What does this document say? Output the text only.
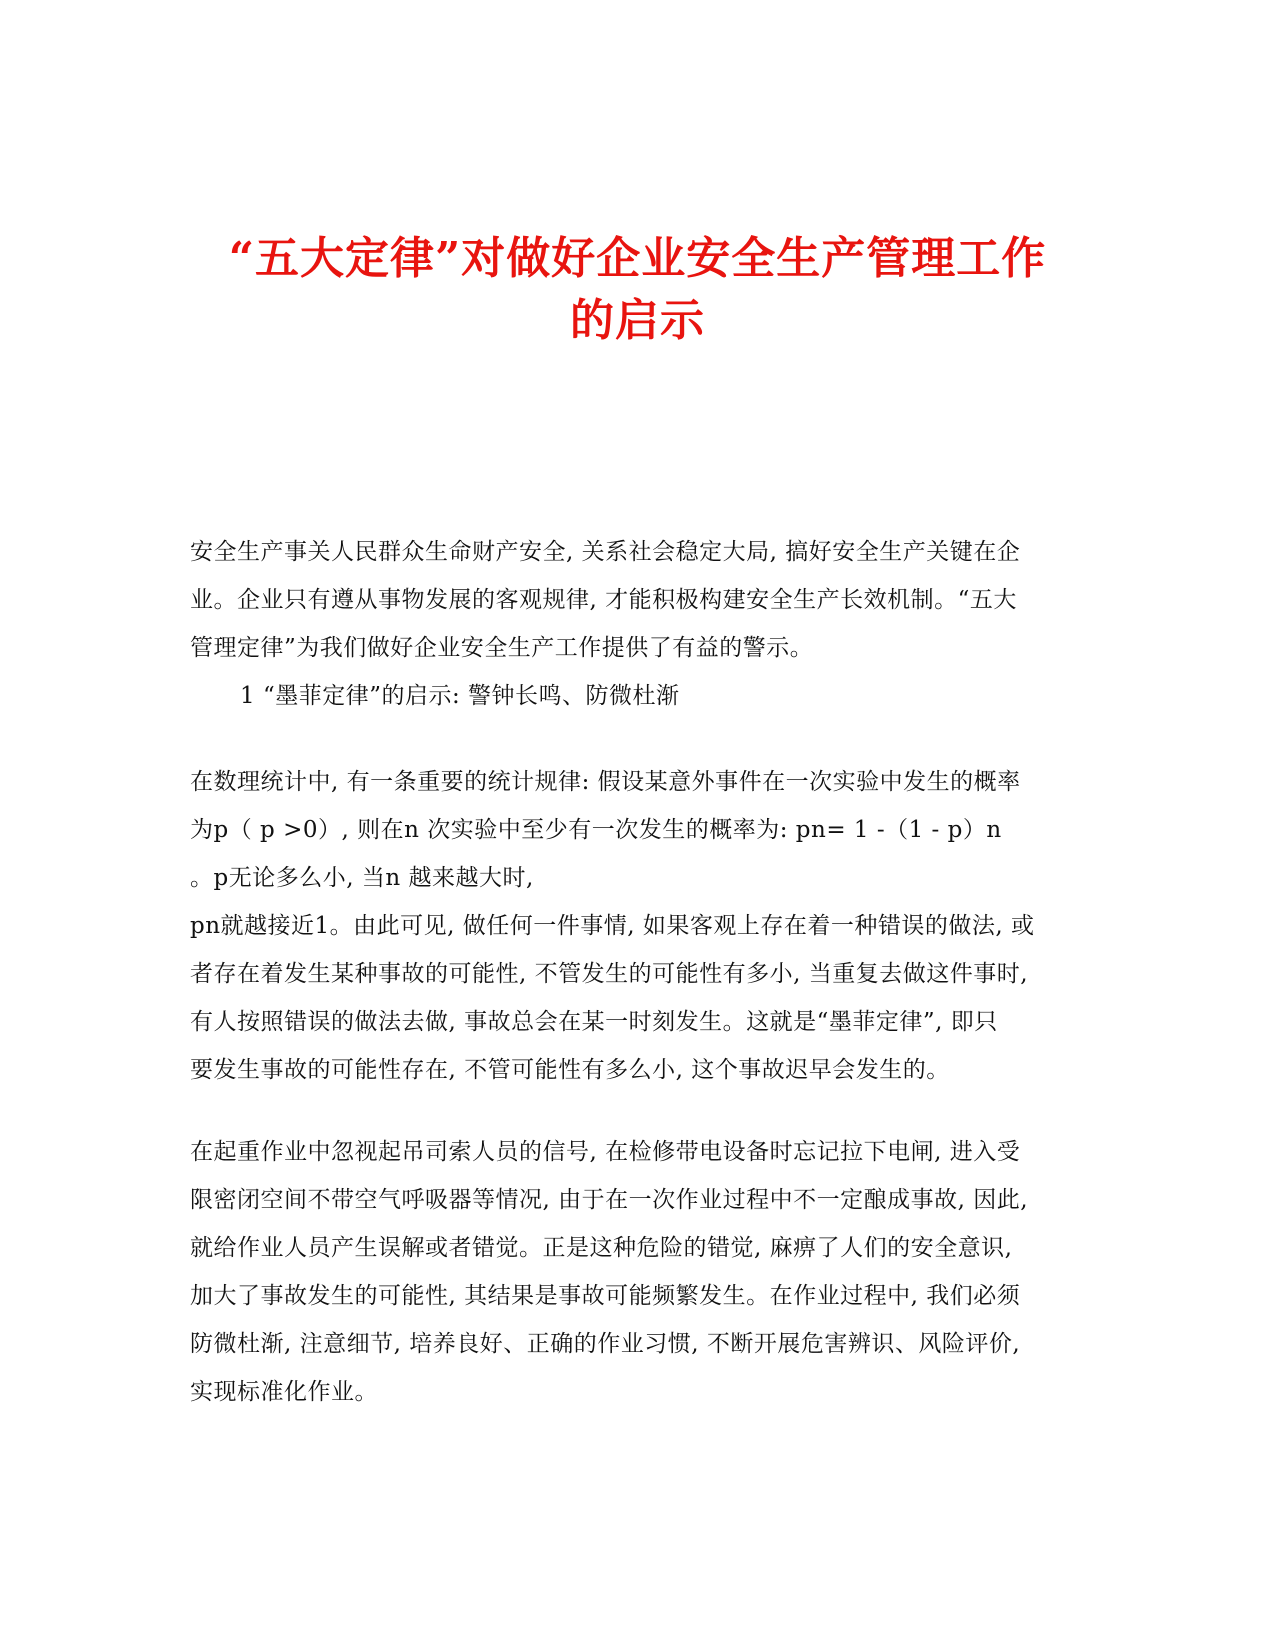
“五大定律”对做好企业安全生产管理工作
的启示
安全生产事关人民群众生命财产安全, 关系社会稳定大局, 搞好安全生产关键在企
业。企业只有遵从事物发展的客观规律, 才能积极构建安全生产长效机制。“五大
管理定律”为我们做好企业安全生产工作提供了有益的警示。
1 “墨菲定律”的启示: 警钟长鸣、防微杜渐
在数理统计中, 有一条重要的统计规律: 假设某意外事件在一次实验中发生的概率
为p（ p >0）, 则在n 次实验中至少有一次发生的概率为: pn= 1 -（1 - p）n
。p无论多么小, 当n 越来越大时,
pn就越接近1。由此可见, 做任何一件事情, 如果客观上存在着一种错误的做法, 或
者存在着发生某种事故的可能性, 不管发生的可能性有多小, 当重复去做这件事时,
有人按照错误的做法去做, 事故总会在某一时刻发生。这就是“墨菲定律”, 即只
要发生事故的可能性存在, 不管可能性有多么小, 这个事故迟早会发生的。
在起重作业中忽视起吊司索人员的信号, 在检修带电设备时忘记拉下电闸, 进入受
限密闭空间不带空气呼吸器等情况, 由于在一次作业过程中不一定酿成事故, 因此,
就给作业人员产生误解或者错觉。正是这种危险的错觉, 麻痹了人们的安全意识,
加大了事故发生的可能性, 其结果是事故可能频繁发生。在作业过程中, 我们必须
防微杜渐, 注意细节, 培养良好、正确的作业习惯, 不断开展危害辨识、风险评价,
实现标准化作业。
